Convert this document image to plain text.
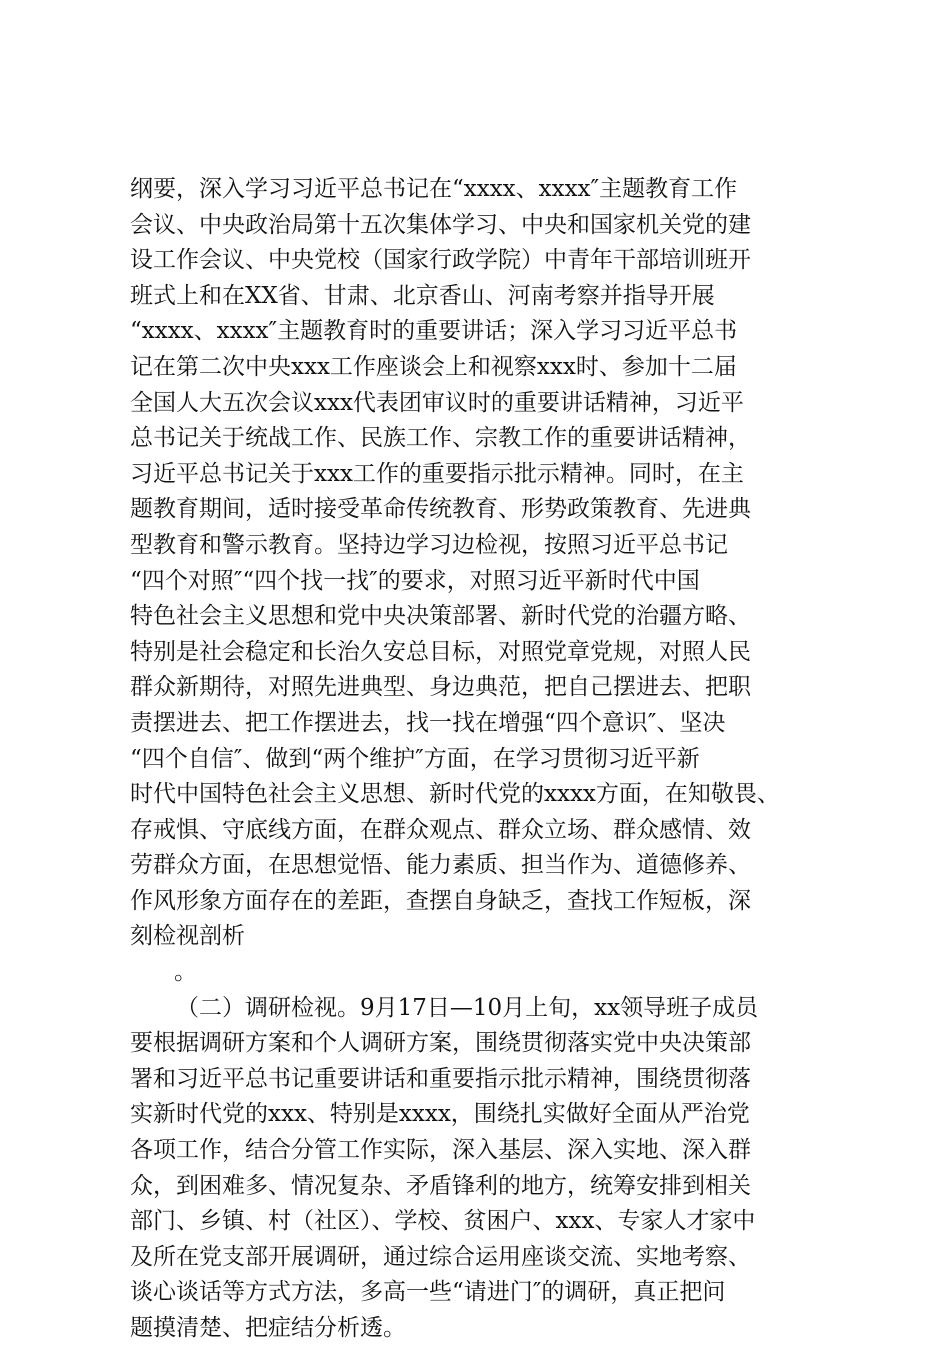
纲要，深入学习习近平总书记在“xxxx、xxxx″主题教育工作
会议、中央政治局第十五次集体学习、中央和国家机关党的建
设工作会议、中央党校（国家行政学院）中青年干部培训班开
班式上和在XX省、甘肃、北京香山、河南考察并指导开展
“xxxx、xxxx″主题教育时的重要讲话；深入学习习近平总书
记在第二次中央xxx工作座谈会上和视察xxx时、参加十二届
全国人大五次会议xxx代表团审议时的重要讲话精神，习近平
总书记关于统战工作、民族工作、宗教工作的重要讲话精神，
习近平总书记关于xxx工作的重要指示批示精神。同时，在主
题教育期间，适时接受革命传统教育、形势政策教育、先进典
型教育和警示教育。坚持边学习边检视，按照习近平总书记
“四个对照″“四个找一找″的要求，对照习近平新时代中国
特色社会主义思想和党中央决策部署、新时代党的治疆方略、
特别是社会稳定和长治久安总目标，对照党章党规，对照人民
群众新期待，对照先进典型、身边典范，把自己摆进去、把职
责摆进去、把工作摆进去，找一找在增强“四个意识″、坚决
“四个自信″、做到“两个维护″方面，在学习贯彻习近平新
时代中国特色社会主义思想、新时代党的xxxx方面，在知敬畏、
存戒惧、守底线方面，在群众观点、群众立场、群众感情、效
劳群众方面，在思想觉悟、能力素质、担当作为、道德修养、
作风形象方面存在的差距，查摆自身缺乏，查找工作短板，深
刻检视剖析
。
（二）调研检视。9月17日—10月上旬，xx领导班子成员
要根据调研方案和个人调研方案，围绕贯彻落实党中央决策部
署和习近平总书记重要讲话和重要指示批示精神，围绕贯彻落
实新时代党的xxx、特别是xxxx，围绕扎实做好全面从严治党
各项工作，结合分管工作实际，深入基层、深入实地、深入群
众，到困难多、情况复杂、矛盾锋利的地方，统筹安排到相关
部门、乡镇、村（社区）、学校、贫困户、xxx、专家人才家中
及所在党支部开展调研，通过综合运用座谈交流、实地考察、
谈心谈话等方式方法，多高一些“请进门″的调研，真正把问
题摸清楚、把症结分析透。
